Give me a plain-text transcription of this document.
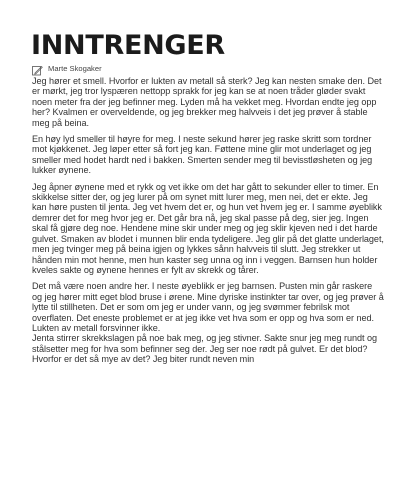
INNTRENGER
Marte Skogaker

Jeg hører et smell. Hvorfor er lukten av metall så sterk? Jeg kan nesten smake den. Det er mørkt, jeg tror lyspæren nettopp sprakk for jeg kan se at noen tråder gløder svakt noen meter fra der jeg befinner meg. Lyden må ha vekket meg. Hvordan endte jeg opp her? Kvalmen er overveldende, og jeg brekker meg halvveis i det jeg prøver å stable meg på beina.

En høy lyd smeller til høyre for meg. I neste sekund hører jeg raske skritt som tordner mot kjøkkenet. Jeg løper etter så fort jeg kan. Føttene mine glir mot underlaget og jeg smeller med hodet hardt ned i bakken. Smerten sender meg til bevisstløsheten og jeg lukker øynene.

Jeg åpner øynene med et rykk og vet ikke om det har gått to sekunder eller to timer. En skikkelse sitter der, og jeg lurer på om synet mitt lurer meg, men nei, det er ekte. Jeg kan høre pusten til jenta. Jeg vet hvem det er, og hun vet hvem jeg er. I samme øyeblikk demrer det for meg hvor jeg er. Det går bra nå, jeg skal passe på deg, sier jeg. Ingen skal få gjøre deg noe. Hendene mine skir under meg og jeg sklir kjeven ned i det harde gulvet. Smaken av blodet i munnen blir enda tydeligere. Jeg glir på det glatte underlaget, men jeg tvinger meg på beina igjen og lykkes sånn halvveis til slutt. Jeg strekker ut hånden min mot henne, men hun kaster seg unna og inn i veggen. Barnsen hun holder kveles sakte og øynene hennes er fylt av skrekk og tårer.

Det må være noen andre her. I neste øyeblikk er jeg barnsen. Pusten min går raskere og jeg hører mitt eget blod bruse i ørene. Mine dyriske instinkter tar over, og jeg prøver å lytte til stillheten. Det er som om jeg er under vann, og jeg svømmer febrilsk mot overflaten. Det eneste problemet er at jeg ikke vet hva som er opp og hva som er ned. Lukten av metall forsvinner ikke.

Jenta stirrer skrekkslagen på noe bak meg, og jeg stivner. Sakte snur jeg meg rundt og stålsetter meg for hva som befinner seg der. Jeg ser noe rødt på gulvet. Er det blod? Hvorfor er det så mye av det? Jeg biter rundt neven min
